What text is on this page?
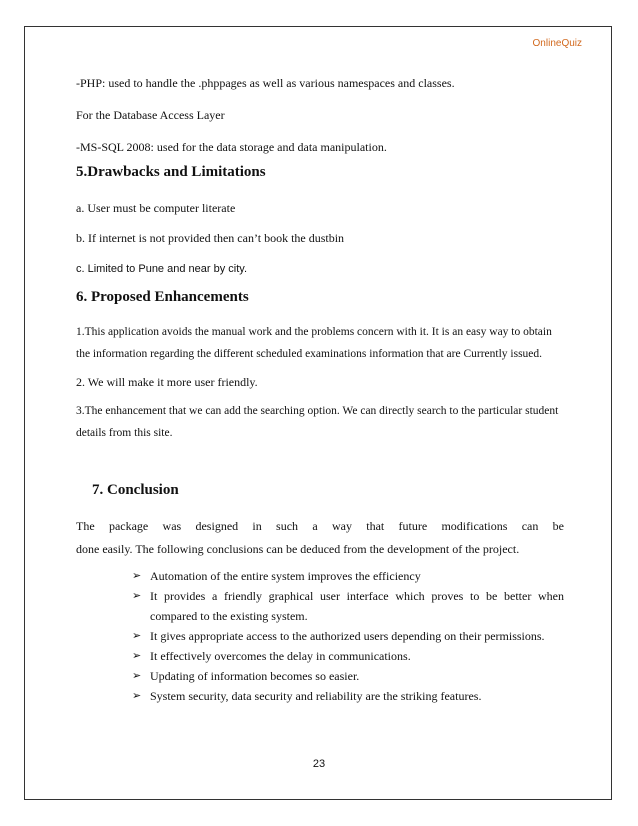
OnlineQuiz

-PHP: used to handle the .phppages as well as various namespaces and classes.

For the Database Access Layer

-MS-SQL 2008: used for the data storage and data manipulation.

5.Drawbacks and Limitations

a. User must be computer literate

b. If internet is not provided then can’t book the dustbin

c. Limited to Pune and near by city.

6. Proposed Enhancements

1.This application avoids the manual work and the problems concern with it. It is an easy way to obtain

the information regarding the different scheduled examinations information that are Currently issued.

2. We will make it more user friendly.

3.The enhancement that we can add the searching option. We can directly search to the particular student

details from this site.

7. Conclusion

The package was designed in such a way that future modifications can be

done easily. The following conclusions can be deduced from the development of the project.

➢ Automation of the entire system improves the efficiency
➢ It provides a friendly graphical user interface which proves to be better when compared to the existing system.
➢ It gives appropriate access to the authorized users depending on their permissions.
➢ It effectively overcomes the delay in communications.
➢ Updating of information becomes so easier.
➢ System security, data security and reliability are the striking features.
23
